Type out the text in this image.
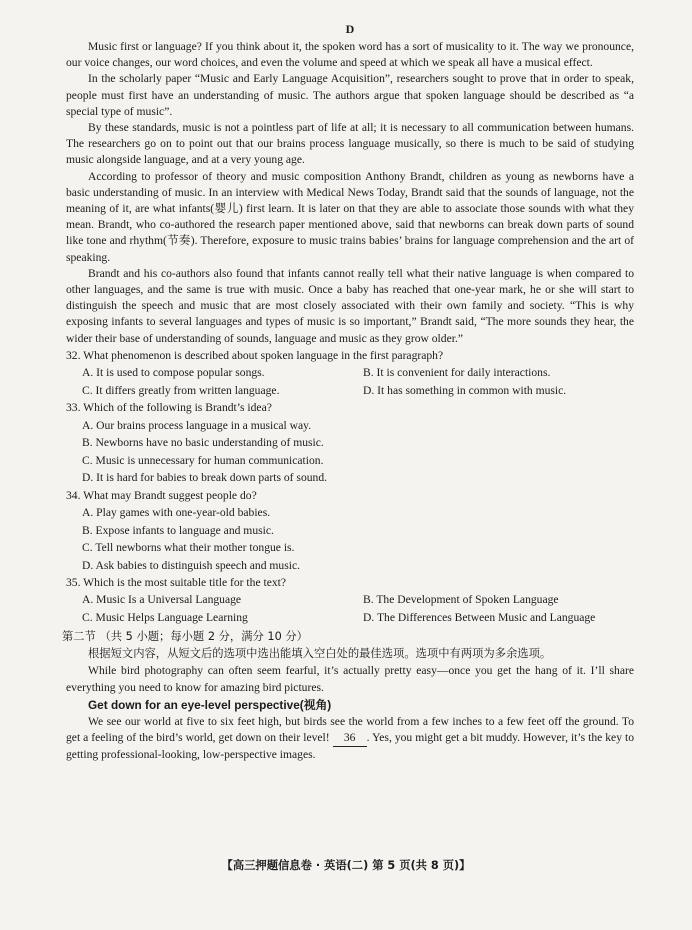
D

Music first or language? If you think about it, the spoken word has a sort of musicality to it. The way we pronounce, our voice changes, our word choices, and even the volume and speed at which we speak all have a musical effect.

In the scholarly paper “Music and Early Language Acquisition”, researchers sought to prove that in order to speak, people must first have an understanding of music. The authors argue that spoken language should be described as “a special type of music”.

By these standards, music is not a pointless part of life at all; it is necessary to all communication between humans. The researchers go on to point out that our brains process language musically, so there is much to be said of studying music alongside language, and at a very young age.

According to professor of theory and music composition Anthony Brandt, children as young as newborns have a basic understanding of music. In an interview with Medical News Today, Brandt said that the sounds of language, not the meaning of it, are what infants(婴儿) first learn. It is later on that they are able to associate those sounds with what they mean. Brandt, who co-authored the research paper mentioned above, said that newborns can break down parts of sound like tone and rhythm(节奏). Therefore, exposure to music trains babies’ brains for language comprehension and the art of speaking.

Brandt and his co-authors also found that infants cannot really tell what their native language is when compared to other languages, and the same is true with music. Once a baby has reached that one-year mark, he or she will start to distinguish the speech and music that are most closely associated with their own family and society. “This is why exposing infants to several languages and types of music is so important,” Brandt said, “The more sounds they hear, the wider their base of understanding of sounds, language and music as they grow older.”

32. What phenomenon is described about spoken language in the first paragraph?
A. It is used to compose popular songs.	B. It is convenient for daily interactions.
C. It differs greatly from written language.	D. It has something in common with music.
33. Which of the following is Brandt’s idea?
A. Our brains process language in a musical way.
B. Newborns have no basic understanding of music.
C. Music is unnecessary for human communication.
D. It is hard for babies to break down parts of sound.
34. What may Brandt suggest people do?
A. Play games with one-year-old babies.
B. Expose infants to language and music.
C. Tell newborns what their mother tongue is.
D. Ask babies to distinguish speech and music.
35. Which is the most suitable title for the text?
A. Music Is a Universal Language	B. The Development of Spoken Language
C. Music Helps Language Learning	D. The Differences Between Music and Language
第二节 （共 5 小题；每小题 2 分，满分 10 分）

根据短文内容，从短文后的选项中选出能填入空白处的最佳选项。选项中有两项为多余选项。

While bird photography can often seem fearful, it’s actually pretty easy—once you get the hang of it. I’ll share everything you need to know for amazing bird pictures.

Get down for an eye-level perspective(视角)

We see our world at five to six feet high, but birds see the world from a few inches to a few feet off the ground. To get a feeling of the bird’s world, get down on their level! 36 . Yes, you might get a bit muddy. However, it’s the key to getting professional-looking, low-perspective images.

【高三押题信息卷 · 英语(二) 第 5 页(共 8 页)】
